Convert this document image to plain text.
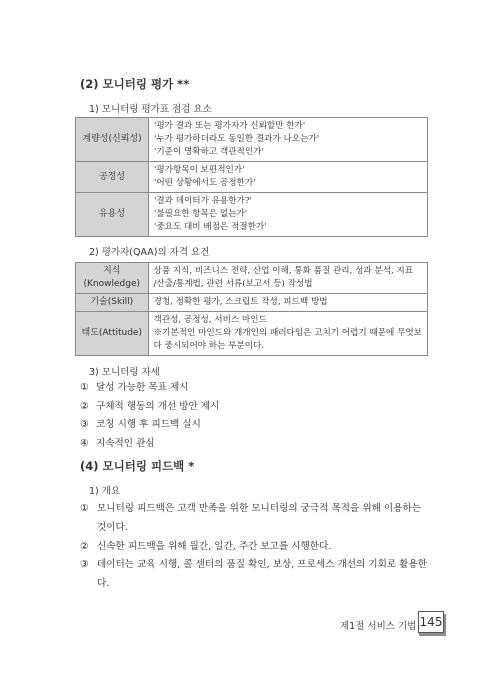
(2) 모니터링 평가 **
1) 모니터링 평가표 점검 요소
계량성(신뢰성)	'평가 결과 또는 평가자가 신뢰할만 한가'
'누가 평가하더라도 동일한 결과가 나오는가'
'기준이 명확하고 객관적인가'

공정성	'평가항목이 보편적인가'
'어떤 상황에서도 공정한가'

유용성	'결과 데이터가 유용한가?'
'불필요한 항목은 없는가'
'중요도 대비 배점은 적절한가'
2) 평가자(QAA)의 자격 요건
지식(Knowledge)	상품 지식, 비즈니스 전략, 산업 이해, 통화 품질 관리, 성과 분석, 지표
/산출/통계법, 관련 서류(보고서 등) 작성법

기술(Skill)	경청, 정확한 평가, 스크립트 작성, 피드백 방법

태도(Attitude)	객관성, 공정성, 서비스 마인드
※기본적인 마인드와 개개인의 패러다임은 고치기 어렵기 때문에 무엇보
다 중시되어야 하는 부분이다.
3) 모니터링 자세
① 달성 가능한 목표 제시
② 구체적 행동의 개선 방안 제시
③ 코칭 시행 후 피드백 실시
④ 지속적인 관심
(4) 모니터링 피드백 *
1) 개요
① 모니터링 피드백은 고객 만족을 위한 모니터링의 궁극적 목적을 위해 이용하는 것이다.
② 신속한 피드백을 위해 월간, 일간, 주간 보고를 시행한다.
③ 데이터는 교육 시행, 콜 센터의 품질 확인, 보상, 프로세스 개선의 기회로 활용한다.
제1절 서비스 기법 145
